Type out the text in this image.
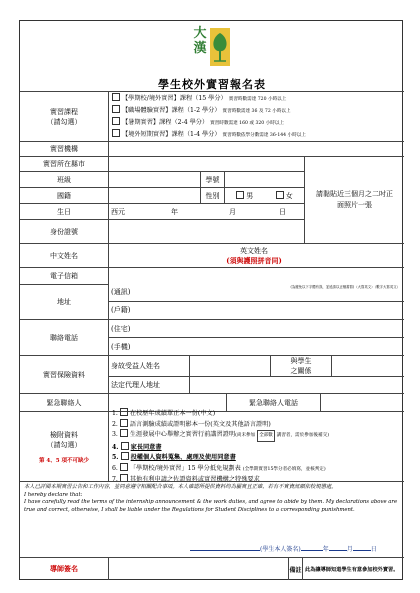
大
漢
學生校外實習報名表
實習課程
（請勾選）
【學期校/境外實習】課程（15 學分） 實習時數需達 720 小時以上
【職場體驗實習】課程（1-2 學分） 實習時數需達 36 及 72 小時以上
【暑期實習】課程（2-4 學分） 實習時數需達 160 或 320 小時以上
【境外短期實習】課程（1-4 學分） 實習時數依學分數需達 36-144 小時以上
實習機構
實習所在縣市
班級	學號
國籍	性別	男	女
生日	西元	年	月	日
身份證號
請黏貼近三個月之二吋正面照片一張
中文姓名
英文姓名
(須與護照拼音同)
電子信箱
(為避免以下字體有誤，並延請以正楷書寫)（大寫英文）（數字大寫英文）
地址
(通訊)
(戶籍)
聯絡電話
(住宅)
(手機)
實習保險資料
身故受益人姓名
與學生
之關係
法定代理人地址
緊急聯絡人	緊急聯絡人電話
檢附資料
（請勾選）
第 4、5 項不可缺少
1. 在校歷年成績單正本一份(中文)
2. 語言測驗成績或證明影本一份(英文及其他語言證明)
3. 生涯發展中心舉辦之實習行前講習證明(尚未參加 全部數 講習者，需於參加後補交)
4. 家長同意書
5. 投權個人資料蒐集、處理及使用同意書
6. 「學期校/境外實習」15 學分抵免規劃表 (全學期實習15學分者必填寫，並核判定)
7. 其他有利申請之佐證資料或實習機構之特殊要求
本人已詳閱本期實習公告和工作內容，並同意遵守相關配合事項。本人確認所提供資料均為屬實且正確，若有不實資訊願依校規懲處。
I hereby declare that:
I have carefully read the terms of the internship announcement & the work duties, and agree to abide by them. My declarations above are true and correct, otherwise, I shall be liable under the Regulations for Student Disciplines to a corresponding punishment.
(學生本人簽名)	年	月	日
導師簽名	備註 此為讓導師知道學生有意參加校外實習。
